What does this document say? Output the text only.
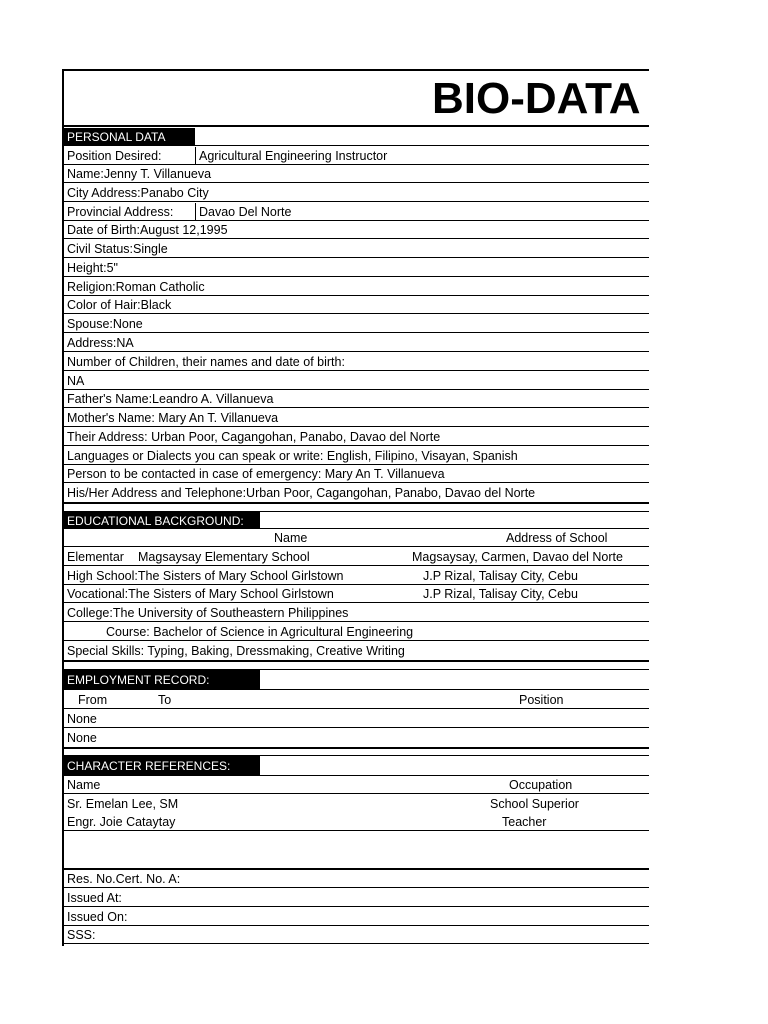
BIO-DATA
PERSONAL DATA
Position Desired:	Agricultural Engineering Instructor
Name:Jenny T. Villanueva
City Address:Panabo City
Provincial Address:	Davao Del Norte
Date of Birth:August 12,1995
Civil Status:Single
Height:5"
Religion:Roman Catholic
Color of Hair:Black
Spouse:None
Address:NA
Number of Children, their names and date of birth:
NA
Father's Name:Leandro A. Villanueva
Mother's Name: Mary An T. Villanueva
Their Address: Urban Poor, Cagangohan, Panabo, Davao del Norte
Languages or Dialects you can speak or write: English, Filipino, Visayan, Spanish
Person to be contacted in case of emergency: Mary An T. Villanueva
His/Her Address and Telephone:Urban Poor, Cagangohan, Panabo, Davao del Norte
EDUCATIONAL BACKGROUND:
Name	Address of School
Elementar Magsaysay Elementary School	Magsaysay, Carmen, Davao del Norte
High School:The Sisters of Mary School Girlstown	J.P Rizal, Talisay City, Cebu
Vocational:The Sisters of Mary School Girlstown	J.P Rizal, Talisay City, Cebu
College:The University of Southeastern Philippines
Course: Bachelor of Science in Agricultural Engineering
Special Skills: Typing, Baking, Dressmaking, Creative Writing
EMPLOYMENT RECORD:
From	To	Position
None
None
CHARACTER REFERENCES:
Name	Occupation
Sr. Emelan Lee, SM	School Superior
Engr. Joie Cataytay	Teacher
Res. No.Cert. No. A:
Issued At:
Issued On:
SSS:
